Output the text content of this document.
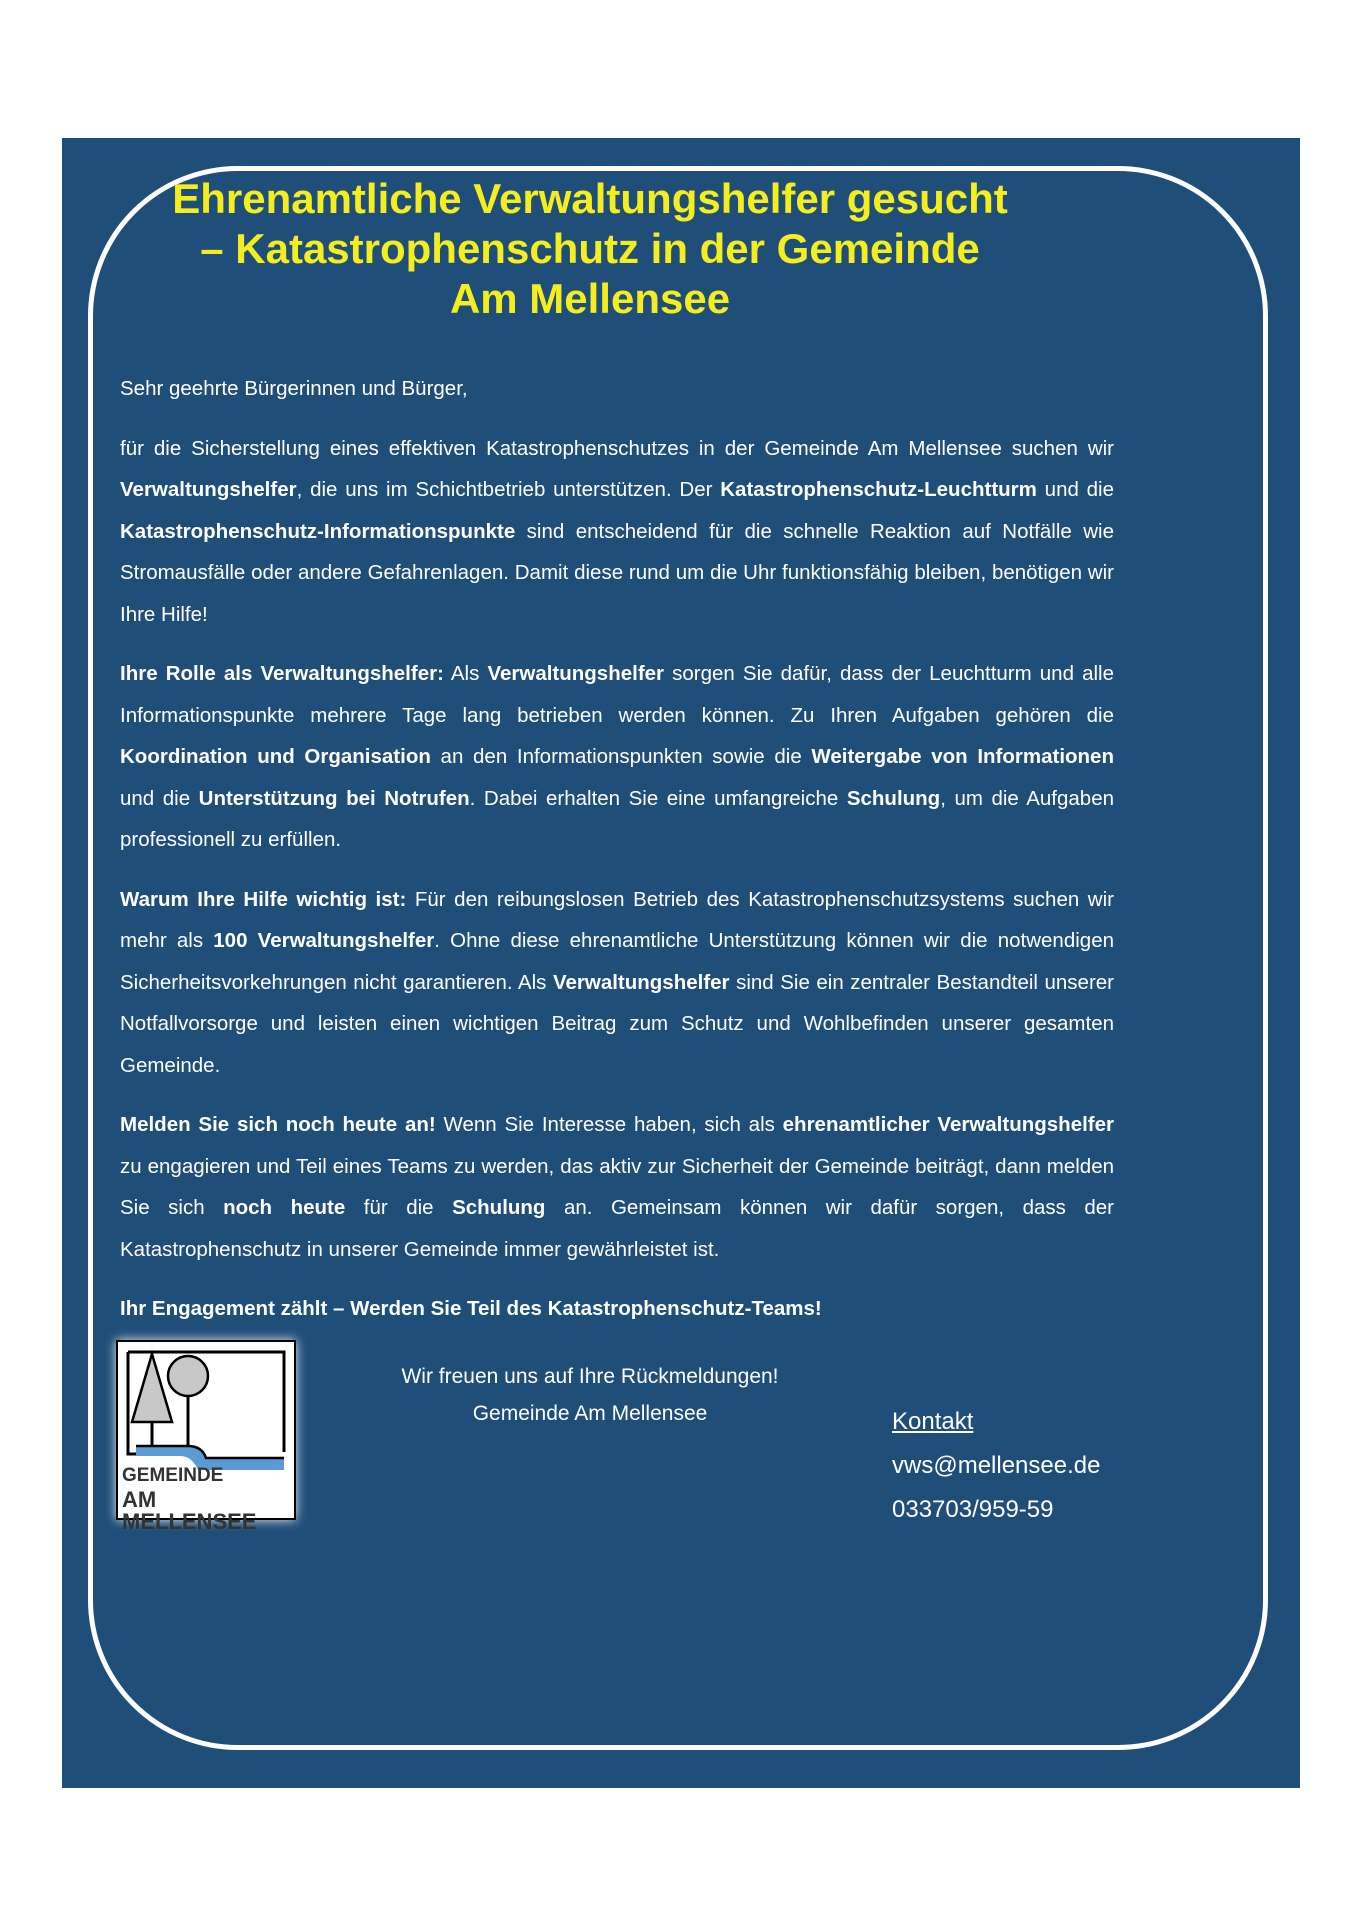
Ehrenamtliche Verwaltungshelfer gesucht
– Katastrophenschutz in der Gemeinde
Am Mellensee

Sehr geehrte Bürgerinnen und Bürger,

für die Sicherstellung eines effektiven Katastrophenschutzes in der Gemeinde Am Mellensee suchen wir Verwaltungshelfer, die uns im Schichtbetrieb unterstützen. Der Katastrophenschutz-Leuchtturm und die Katastrophenschutz-Informationspunkte sind entscheidend für die schnelle Reaktion auf Notfälle wie Stromausfälle oder andere Gefahrenlagen. Damit diese rund um die Uhr funktionsfähig bleiben, benötigen wir Ihre Hilfe!

Ihre Rolle als Verwaltungshelfer: Als Verwaltungshelfer sorgen Sie dafür, dass der Leuchtturm und alle Informationspunkte mehrere Tage lang betrieben werden können. Zu Ihren Aufgaben gehören die Koordination und Organisation an den Informationspunkten sowie die Weitergabe von Informationen und die Unterstützung bei Notrufen. Dabei erhalten Sie eine umfangreiche Schulung, um die Aufgaben professionell zu erfüllen.

Warum Ihre Hilfe wichtig ist: Für den reibungslosen Betrieb des Katastrophenschutzsystems suchen wir mehr als 100 Verwaltungshelfer. Ohne diese ehrenamtliche Unterstützung können wir die notwendigen Sicherheitsvorkehrungen nicht garantieren. Als Verwaltungshelfer sind Sie ein zentraler Bestandteil unserer Notfallvorsorge und leisten einen wichtigen Beitrag zum Schutz und Wohlbefinden unserer gesamten Gemeinde.

Melden Sie sich noch heute an! Wenn Sie Interesse haben, sich als ehrenamtlicher Verwaltungshelfer zu engagieren und Teil eines Teams zu werden, das aktiv zur Sicherheit der Gemeinde beiträgt, dann melden Sie sich noch heute für die Schulung an. Gemeinsam können wir dafür sorgen, dass der Katastrophenschutz in unserer Gemeinde immer gewährleistet ist.

Ihr Engagement zählt – Werden Sie Teil des Katastrophenschutz-Teams!

GEMEINDE
AM MELLENSEE
Wir freuen uns auf Ihre Rückmeldungen!
Gemeinde Am Mellensee	Kontakt
vws@mellensee.de
033703/959-59
